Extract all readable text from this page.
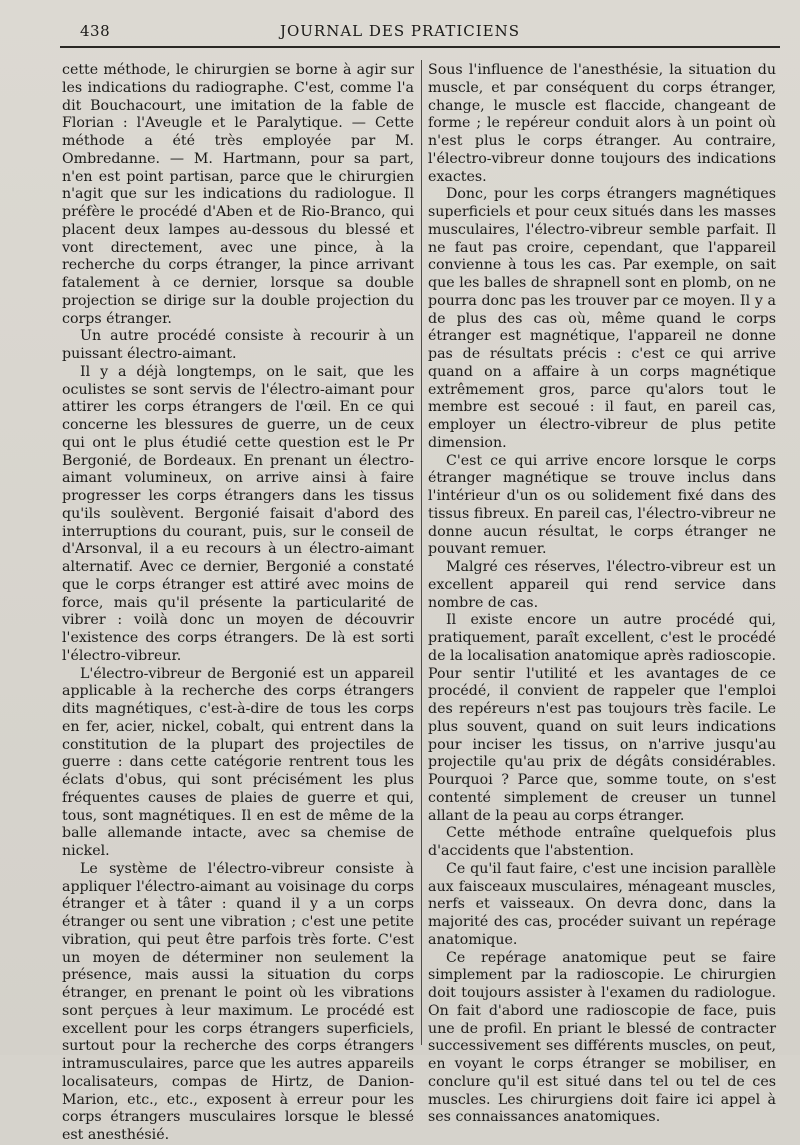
438	JOURNAL DES PRATICIENS

cette méthode, le chirurgien se borne à agir sur les indications du radiographe. C'est, comme l'a dit Bouchacourt, une imitation de la fable de Florian : l'Aveugle et le Paralytique. — Cette méthode a été très employée par M. Ombredanne. — M. Hartmann, pour sa part, n'en est point partisan, parce que le chirurgien n'agit que sur les indications du radiologue. Il préfère le procédé d'Aben et de Rio-Branco, qui placent deux lampes au-dessous du blessé et vont directement, avec une pince, à la recherche du corps étranger, la pince arrivant fatalement à ce dernier, lorsque sa double projection se dirige sur la double projection du corps étranger.

Un autre procédé consiste à recourir à un puissant électro-aimant.

Il y a déjà longtemps, on le sait, que les oculistes se sont servis de l'électro-aimant pour attirer les corps étrangers de l'œil. En ce qui concerne les blessures de guerre, un de ceux qui ont le plus étudié cette question est le Pr Bergonié, de Bordeaux. En prenant un électro-aimant volumineux, on arrive ainsi à faire progresser les corps étrangers dans les tissus qu'ils soulèvent. Bergonié faisait d'abord des interruptions du courant, puis, sur le conseil de d'Arsonval, il a eu recours à un électro-aimant alternatif. Avec ce dernier, Bergonié a constaté que le corps étranger est attiré avec moins de force, mais qu'il présente la particularité de vibrer : voilà donc un moyen de découvrir l'existence des corps étrangers. De là est sorti l'électro-vibreur.

L'électro-vibreur de Bergonié est un appareil applicable à la recherche des corps étrangers dits magnétiques, c'est-à-dire de tous les corps en fer, acier, nickel, cobalt, qui entrent dans la constitution de la plupart des projectiles de guerre : dans cette catégorie rentrent tous les éclats d'obus, qui sont précisément les plus fréquentes causes de plaies de guerre et qui, tous, sont magnétiques. Il en est de même de la balle allemande intacte, avec sa chemise de nickel.

Le système de l'électro-vibreur consiste à appliquer l'électro-aimant au voisinage du corps étranger et à tâter : quand il y a un corps étranger ou sent une vibration ; c'est une petite vibration, qui peut être parfois très forte. C'est un moyen de déterminer non seulement la présence, mais aussi la situation du corps étranger, en prenant le point où les vibrations sont perçues à leur maximum. Le procédé est excellent pour les corps étrangers superficiels, surtout pour la recherche des corps étrangers intramusculaires, parce que les autres appareils localisateurs, compas de Hirtz, de Danion-Marion, etc., etc., exposent à erreur pour les corps étrangers musculaires lorsque le blessé est anesthésié.

Sous l'influence de l'anesthésie, la situation du muscle, et par conséquent du corps étranger, change, le muscle est flaccide, changeant de forme ; le repéreur conduit alors à un point où n'est plus le corps étranger. Au contraire, l'électro-vibreur donne toujours des indications exactes.

Donc, pour les corps étrangers magnétiques superficiels et pour ceux situés dans les masses musculaires, l'électro-vibreur semble parfait. Il ne faut pas croire, cependant, que l'appareil convienne à tous les cas. Par exemple, on sait que les balles de shrapnell sont en plomb, on ne pourra donc pas les trouver par ce moyen. Il y a de plus des cas où, même quand le corps étranger est magnétique, l'appareil ne donne pas de résultats précis : c'est ce qui arrive quand on a affaire à un corps magnétique extrêmement gros, parce qu'alors tout le membre est secoué : il faut, en pareil cas, employer un électro-vibreur de plus petite dimension.

C'est ce qui arrive encore lorsque le corps étranger magnétique se trouve inclus dans l'intérieur d'un os ou solidement fixé dans des tissus fibreux. En pareil cas, l'électro-vibreur ne donne aucun résultat, le corps étranger ne pouvant remuer.

Malgré ces réserves, l'électro-vibreur est un excellent appareil qui rend service dans nombre de cas.

Il existe encore un autre procédé qui, pratiquement, paraît excellent, c'est le procédé de la localisation anatomique après radioscopie. Pour sentir l'utilité et les avantages de ce procédé, il convient de rappeler que l'emploi des repéreurs n'est pas toujours très facile. Le plus souvent, quand on suit leurs indications pour inciser les tissus, on n'arrive jusqu'au projectile qu'au prix de dégâts considérables. Pourquoi ? Parce que, somme toute, on s'est contenté simplement de creuser un tunnel allant de la peau au corps étranger.

Cette méthode entraîne quelquefois plus d'accidents que l'abstention.

Ce qu'il faut faire, c'est une incision parallèle aux faisceaux musculaires, ménageant muscles, nerfs et vaisseaux. On devra donc, dans la majorité des cas, procéder suivant un repérage anatomique.

Ce repérage anatomique peut se faire simplement par la radioscopie. Le chirurgien doit toujours assister à l'examen du radiologue. On fait d'abord une radioscopie de face, puis une de profil. En priant le blessé de contracter successivement ses différents muscles, on peut, en voyant le corps étranger se mobiliser, en conclure qu'il est situé dans tel ou tel de ces muscles. Les chirurgiens doit faire ici appel à ses connaissances anatomiques.
